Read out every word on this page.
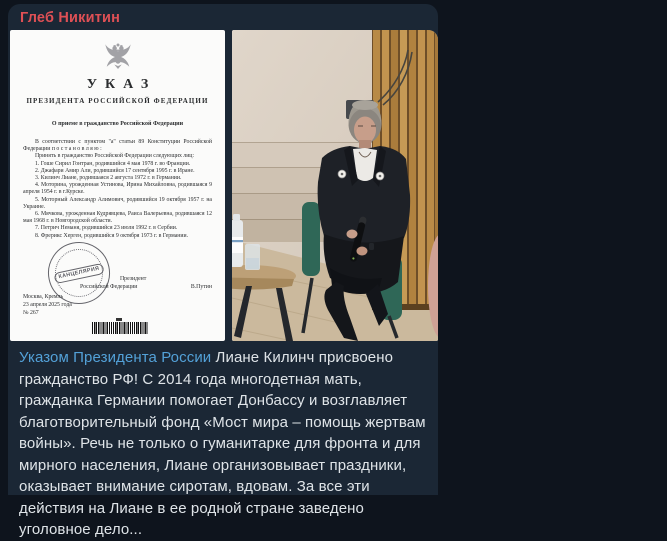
Глеб Никитин
УКАЗ
ПРЕЗИДЕНТА РОССИЙСКОЙ ФЕДЕРАЦИИ
О приеме в гражданство Российской Федерации

В соответствии с пунктом "а" статьи 89 Конституции Российской Федерации п о с т а н о в л я ю :

Принять в гражданство Российской Федерации следующих лиц:

1. Гоше Сирил Гонтран, родившийся 4 мая 1978 г. во Франции.

2. Джафари Амир Али, родившийся 17 сентября 1995 г. в Иране.

3. Килинч Лиане, родившаяся 2 августа 1972 г. в Германии.

4. Моторина, урожденная Устинова, Ирина Михайловна, родившаяся 9 апреля 1954 г. в г.Курске.

5. Моторный Александр Алимович, родившийся 19 октября 1957 г. на Украине.

6. Мячкова, урожденная Кудрявцева, Раиса Валерьевна, родившаяся 12 мая 1968 г. в Новгородской области.

7. Петрич Неманя, родившийся 23 июля 1992 г. в Сербии.

8. Фрерикс Херген, родившийся 9 октября 1973 г. в Германии.

КАНЦЕЛЯРИЯ	Президент
Российской Федерации	В.Путин
Москва, Кремль
23 апреля 2025 года
№ 267
Указом Президента России Лиане Килинч присвоено гражданство РФ! С 2014 года многодетная мать, гражданка Германии помогает Донбассу и возглавляет благотворительный фонд «Мост мира – помощь жертвам войны». Речь не только о гуманитарке для фронта и для мирного населения, Лиане организовывает праздники, оказывает внимание сиротам, вдовам. За все эти действия на Лиане в ее родной стране заведено уголовное дело...
